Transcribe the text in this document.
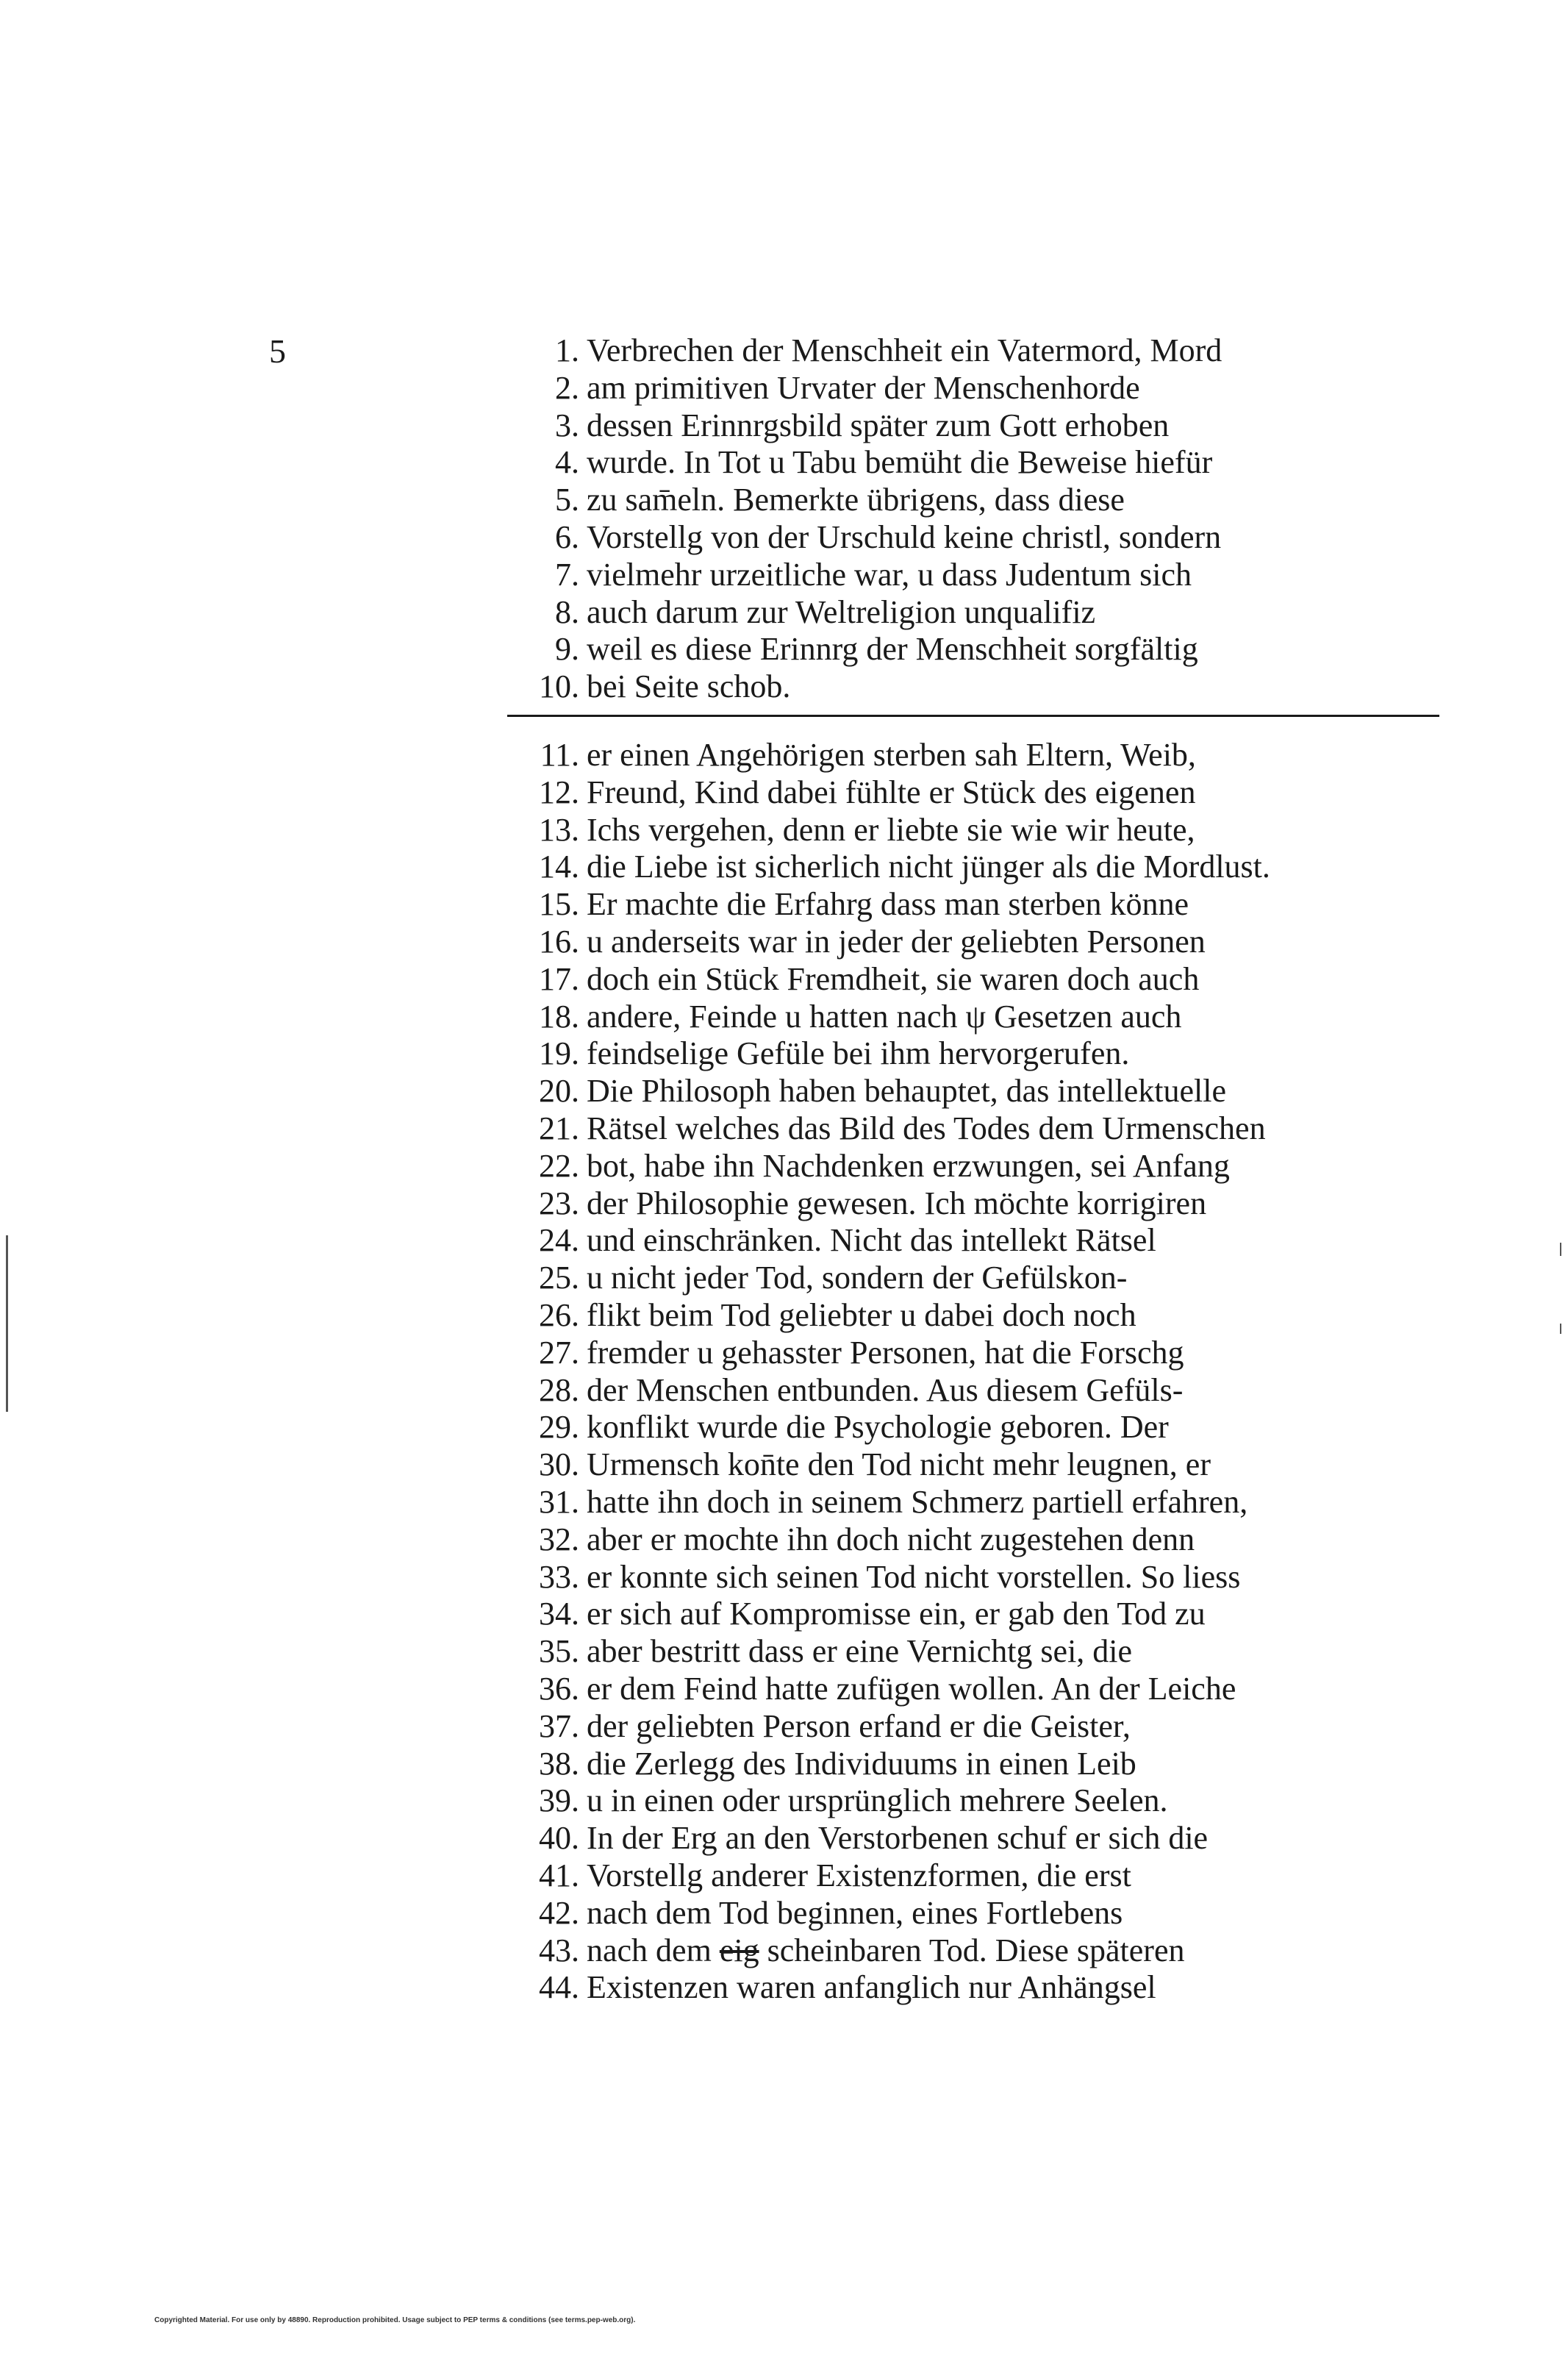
5	1. Verbrechen der Menschheit ein Vatermord, Mord
2. am primitiven Urvater der Menschenhorde
3. dessen Erinnrgsbild später zum Gott erhoben
4. wurde. In Tot u Tabu bemüht die Beweise hiefür
5. zu sam̄eln. Bemerkte übrigens, dass diese
6. Vorstellg von der Urschuld keine christl, sondern
7. vielmehr urzeitliche war, u dass Judentum sich
8. auch darum zur Weltreligion unqualifiz
9. weil es diese Erinnrg der Menschheit sorgfältig
10. bei Seite schob.
11. er einen Angehörigen sterben sah Eltern, Weib,
12. Freund, Kind dabei fühlte er Stück des eigenen
13. Ichs vergehen, denn er liebte sie wie wir heute,
14. die Liebe ist sicherlich nicht jünger als die Mordlust.
15. Er machte die Erfahrg dass man sterben könne
16. u anderseits war in jeder der geliebten Personen
17. doch ein Stück Fremdheit, sie waren doch auch
18. andere, Feinde u hatten nach ψ Gesetzen auch
19. feindselige Gefüle bei ihm hervorgerufen.
20. Die Philosoph haben behauptet, das intellektuelle
21. Rätsel welches das Bild des Todes dem Urmenschen
22. bot, habe ihn Nachdenken erzwungen, sei Anfang
23. der Philosophie gewesen. Ich möchte korrigiren
24. und einschränken. Nicht das intellekt Rätsel
25. u nicht jeder Tod, sondern der Gefülskon-
26. flikt beim Tod geliebter u dabei doch noch
27. fremder u gehasster Personen, hat die Forschg
28. der Menschen entbunden. Aus diesem Gefüls-
29. konflikt wurde die Psychologie geboren. Der
30. Urmensch kon̄te den Tod nicht mehr leugnen, er
31. hatte ihn doch in seinem Schmerz partiell erfahren,
32. aber er mochte ihn doch nicht zugestehen denn
33. er konnte sich seinen Tod nicht vorstellen. So liess
34. er sich auf Kompromisse ein, er gab den Tod zu
35. aber bestritt dass er eine Vernichtg sei, die
36. er dem Feind hatte zufügen wollen. An der Leiche
37. der geliebten Person erfand er die Geister,
38. die Zerlegg des Individuums in einen Leib
39. u in einen oder ursprünglich mehrere Seelen.
40. In der Erg an den Verstorbenen schuf er sich die
41. Vorstellg anderer Existenzformen, die erst
42. nach dem Tod beginnen, eines Fortlebens
43. nach dem eig scheinbaren Tod. Diese späteren
44. Existenzen waren anfanglich nur Anhängsel
Copyrighted Material. For use only by 48890. Reproduction prohibited. Usage subject to PEP terms & conditions (see terms.pep-web.org).
